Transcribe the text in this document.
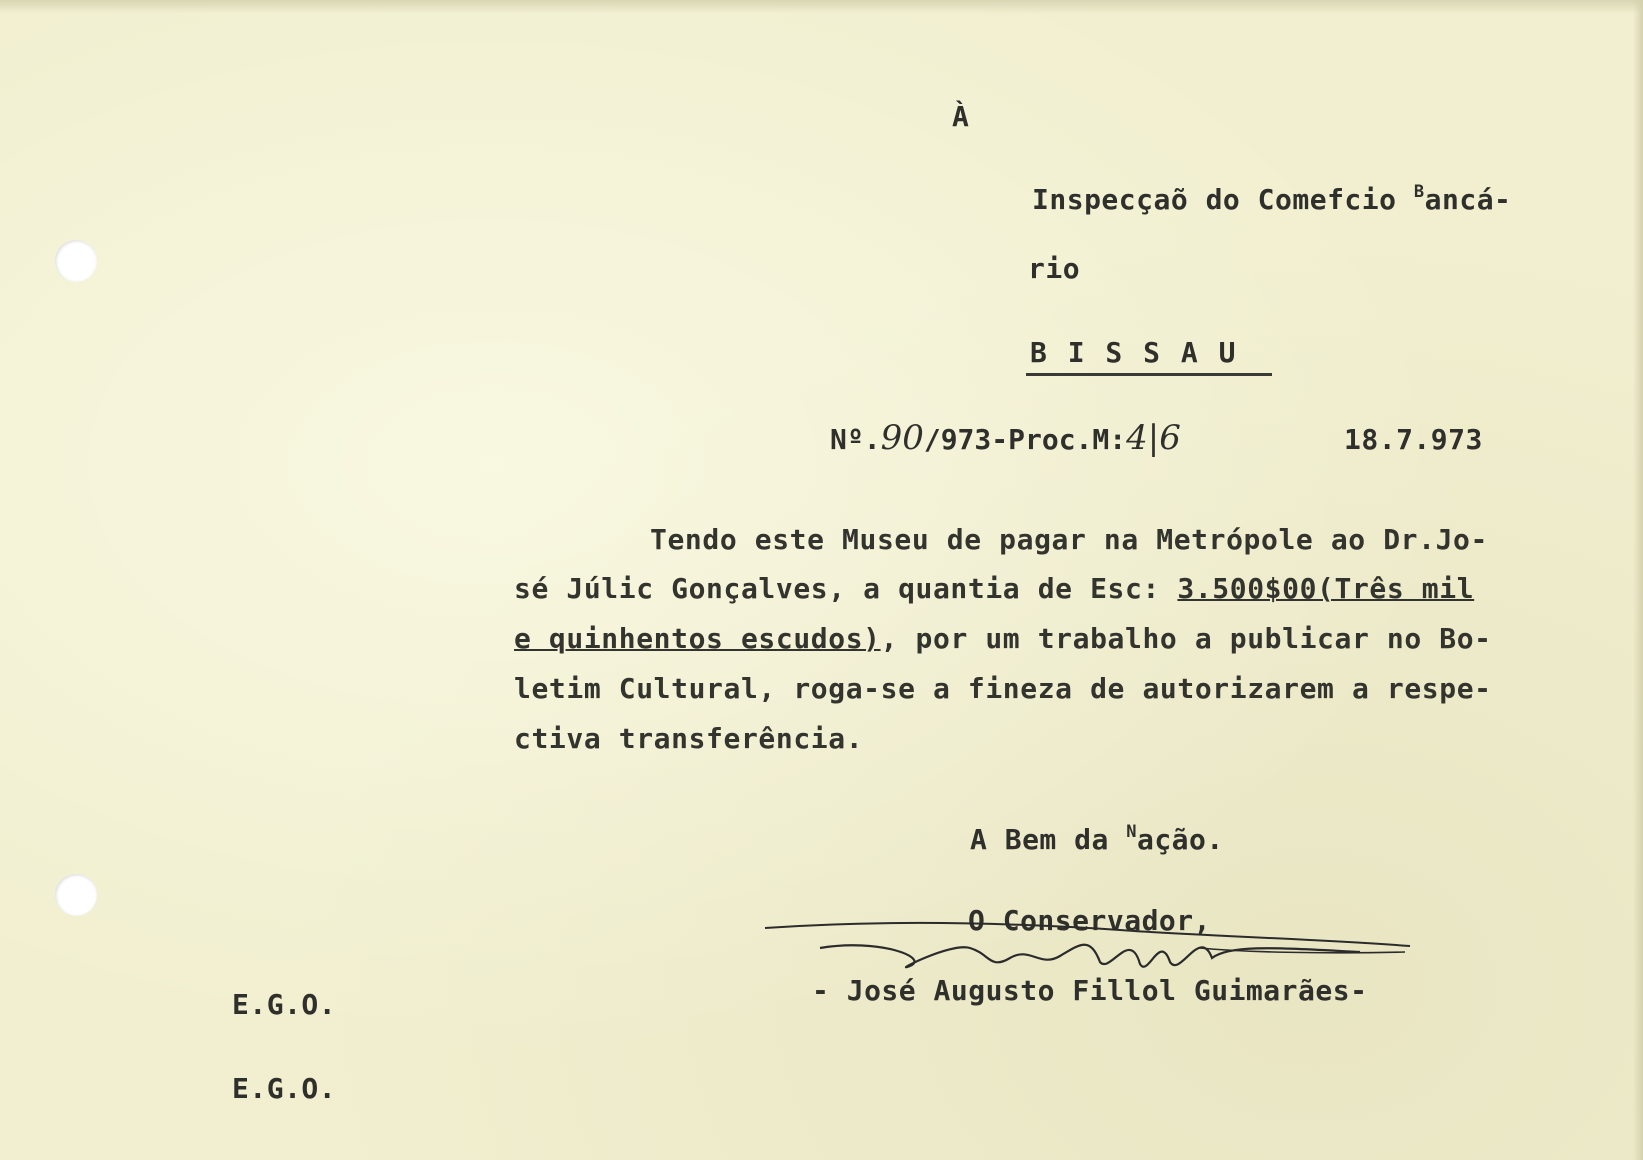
À
Inspecçaõ do Comefcio $^B$ancá-
rio
B I S S A U
Nº.90/973-Proc.M:4|6	18.7.973
Tendo este Museu de pagar na Metrópole ao Dr.Jo-
sé Júlic Gonçalves, a quantia de Esc: 3.500$00(Três mil
e quinhentos escudos), por um trabalho a publicar no Bo-
letim Cultural, roga-se a fineza de autorizarem a respe-
ctiva transferência.
A Bem da $^N$ação.
O Conservador,
- José Augusto Fillol Guimarães-
E.G.O.
E.G.O.
